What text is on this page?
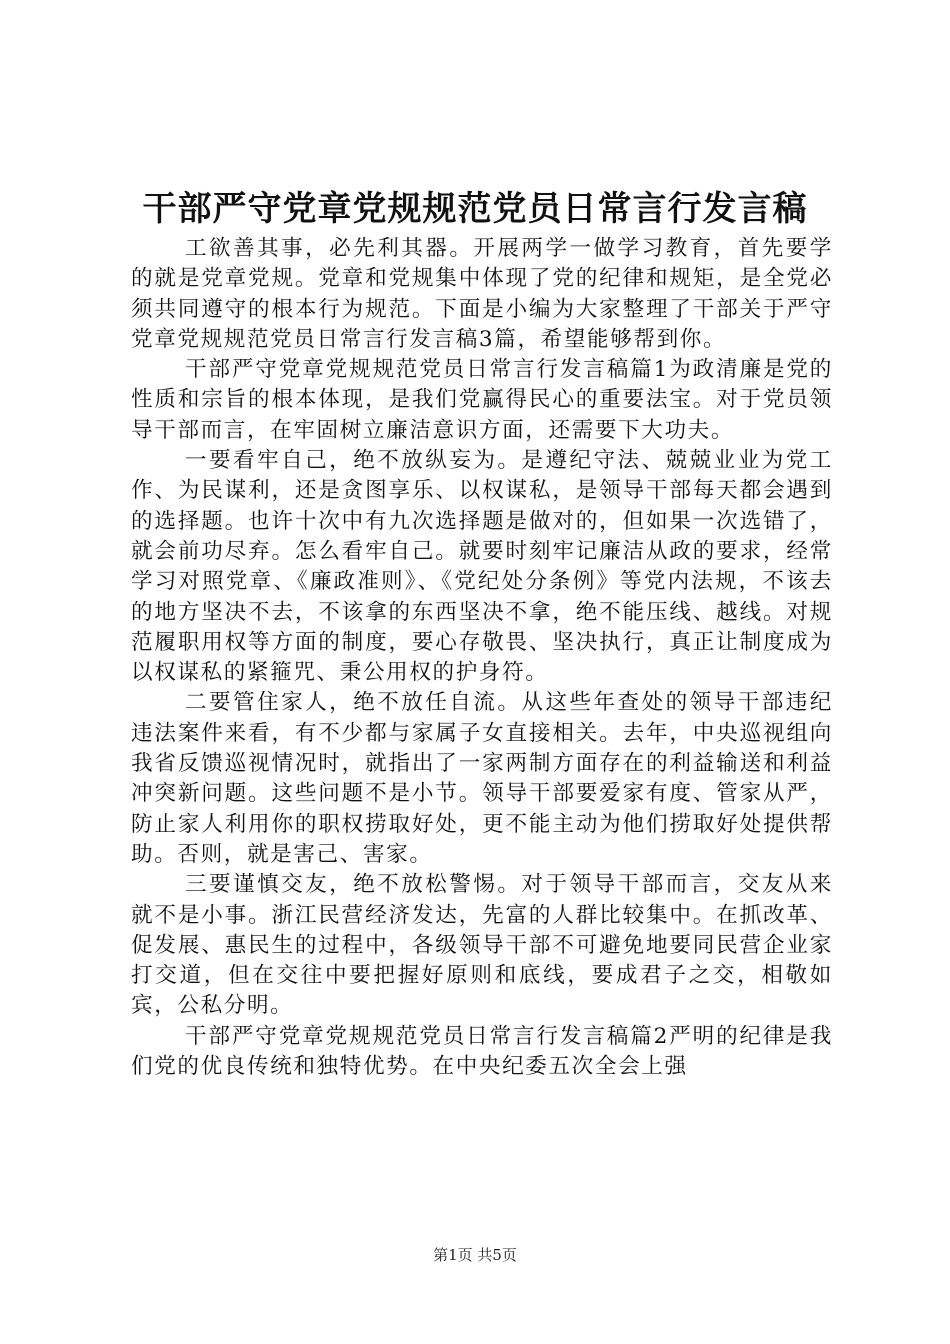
干部严守党章党规规范党员日常言行发言稿

工欲善其事，必先利其器。开展两学一做学习教育，首先要学的就是党章党规。党章和党规集中体现了党的纪律和规矩，是全党必须共同遵守的根本行为规范。下面是小编为大家整理了干部关于严守党章党规规范党员日常言行发言稿3篇，希望能够帮到你。

干部严守党章党规规范党员日常言行发言稿篇1为政清廉是党的性质和宗旨的根本体现，是我们党赢得民心的重要法宝。对于党员领导干部而言，在牢固树立廉洁意识方面，还需要下大功夫。

一要看牢自己，绝不放纵妄为。是遵纪守法、兢兢业业为党工作、为民谋利，还是贪图享乐、以权谋私，是领导干部每天都会遇到的选择题。也许十次中有九次选择题是做对的，但如果一次选错了，就会前功尽弃。怎么看牢自己。就要时刻牢记廉洁从政的要求，经常学习对照党章、《廉政准则》、《党纪处分条例》等党内法规，不该去的地方坚决不去，不该拿的东西坚决不拿，绝不能压线、越线。对规范履职用权等方面的制度，要心存敬畏、坚决执行，真正让制度成为以权谋私的紧箍咒、秉公用权的护身符。

二要管住家人，绝不放任自流。从这些年查处的领导干部违纪违法案件来看，有不少都与家属子女直接相关。去年，中央巡视组向我省反馈巡视情况时，就指出了一家两制方面存在的利益输送和利益冲突新问题。这些问题不是小节。领导干部要爱家有度、管家从严，防止家人利用你的职权捞取好处，更不能主动为他们捞取好处提供帮助。否则，就是害己、害家。

三要谨慎交友，绝不放松警惕。对于领导干部而言，交友从来就不是小事。浙江民营经济发达，先富的人群比较集中。在抓改革、促发展、惠民生的过程中，各级领导干部不可避免地要同民营企业家打交道，但在交往中要把握好原则和底线，要成君子之交，相敬如宾，公私分明。

干部严守党章党规规范党员日常言行发言稿篇2严明的纪律是我们党的优良传统和独特优势。在中央纪委五次全会上强

第1页 共5页
